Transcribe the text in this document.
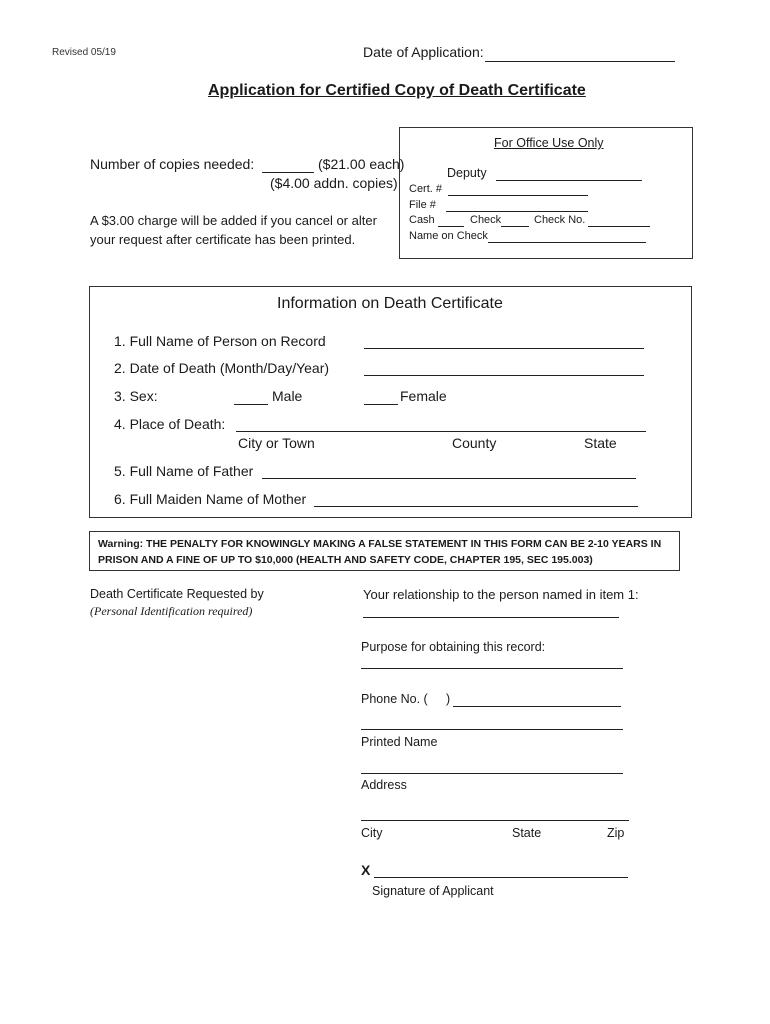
Revised 05/19	Date of Application:
Application for Certified Copy of Death Certificate
Number of copies needed:	($21.00 each)
($4.00 addn. copies)
A $3.00 charge will be added if you cancel or alter
your request after certificate has been printed.
For Office Use Only
Deputy
Cert. #
File #
Cash	Check	Check No.
Name on Check
Information on Death Certificate
1. Full Name of Person on Record
2. Date of Death (Month/Day/Year)
3. Sex:	Male	Female
4. Place of Death:
City or Town	County	State
5. Full Name of Father
6. Full Maiden Name of Mother
Warning: THE PENALTY FOR KNOWINGLY MAKING A FALSE STATEMENT IN THIS FORM CAN BE 2-10 YEARS IN
PRISON AND A FINE OF UP TO $10,000 (HEALTH AND SAFETY CODE, CHAPTER 195, SEC 195.003)
Death Certificate Requested by
(Personal Identification required)
Your relationship to the person named in item 1:
Purpose for obtaining this record:
Phone No. ( )
Printed Name
Address
City	State	Zip
X
Signature of Applicant
